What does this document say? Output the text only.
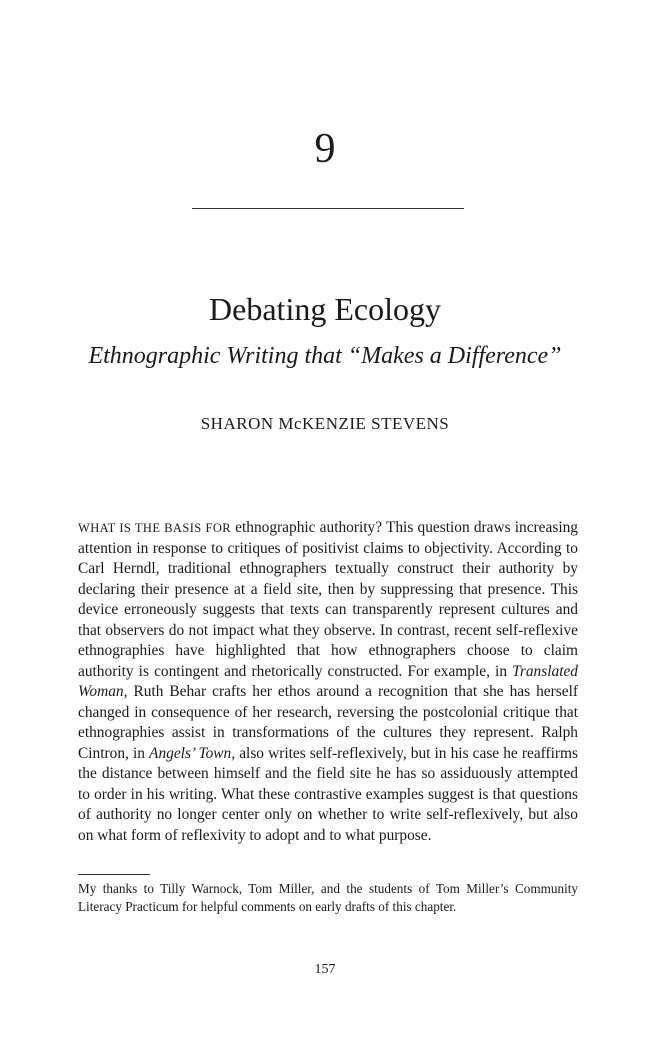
9
Debating Ecology
Ethnographic Writing that “Makes a Difference”
SHARON McKENZIE STEVENS

WHAT IS THE BASIS FOR ethnographic authority? This question draws increasing attention in response to critiques of positivist claims to objectivity. According to Carl Herndl, traditional ethnographers textually construct their authority by declaring their presence at a field site, then by suppressing that presence. This device erroneously suggests that texts can transparently represent cultures and that observers do not impact what they observe. In contrast, recent self-reflexive ethnographies have highlighted that how ethnographers choose to claim authority is contingent and rhetorically constructed. For example, in Translated Woman, Ruth Behar crafts her ethos around a recognition that she has herself changed in consequence of her research, reversing the postcolonial critique that ethnographies assist in transformations of the cultures they represent. Ralph Cintron, in Angels’ Town, also writes self-reflexively, but in his case he reaffirms the distance between himself and the field site he has so assiduously attempted to order in his writing. What these contrastive examples suggest is that questions of authority no longer center only on whether to write self-reflexively, but also on what form of reflexivity to adopt and to what purpose.

My thanks to Tilly Warnock, Tom Miller, and the students of Tom Miller’s Community Literacy Practicum for helpful comments on early drafts of this chapter.

157
